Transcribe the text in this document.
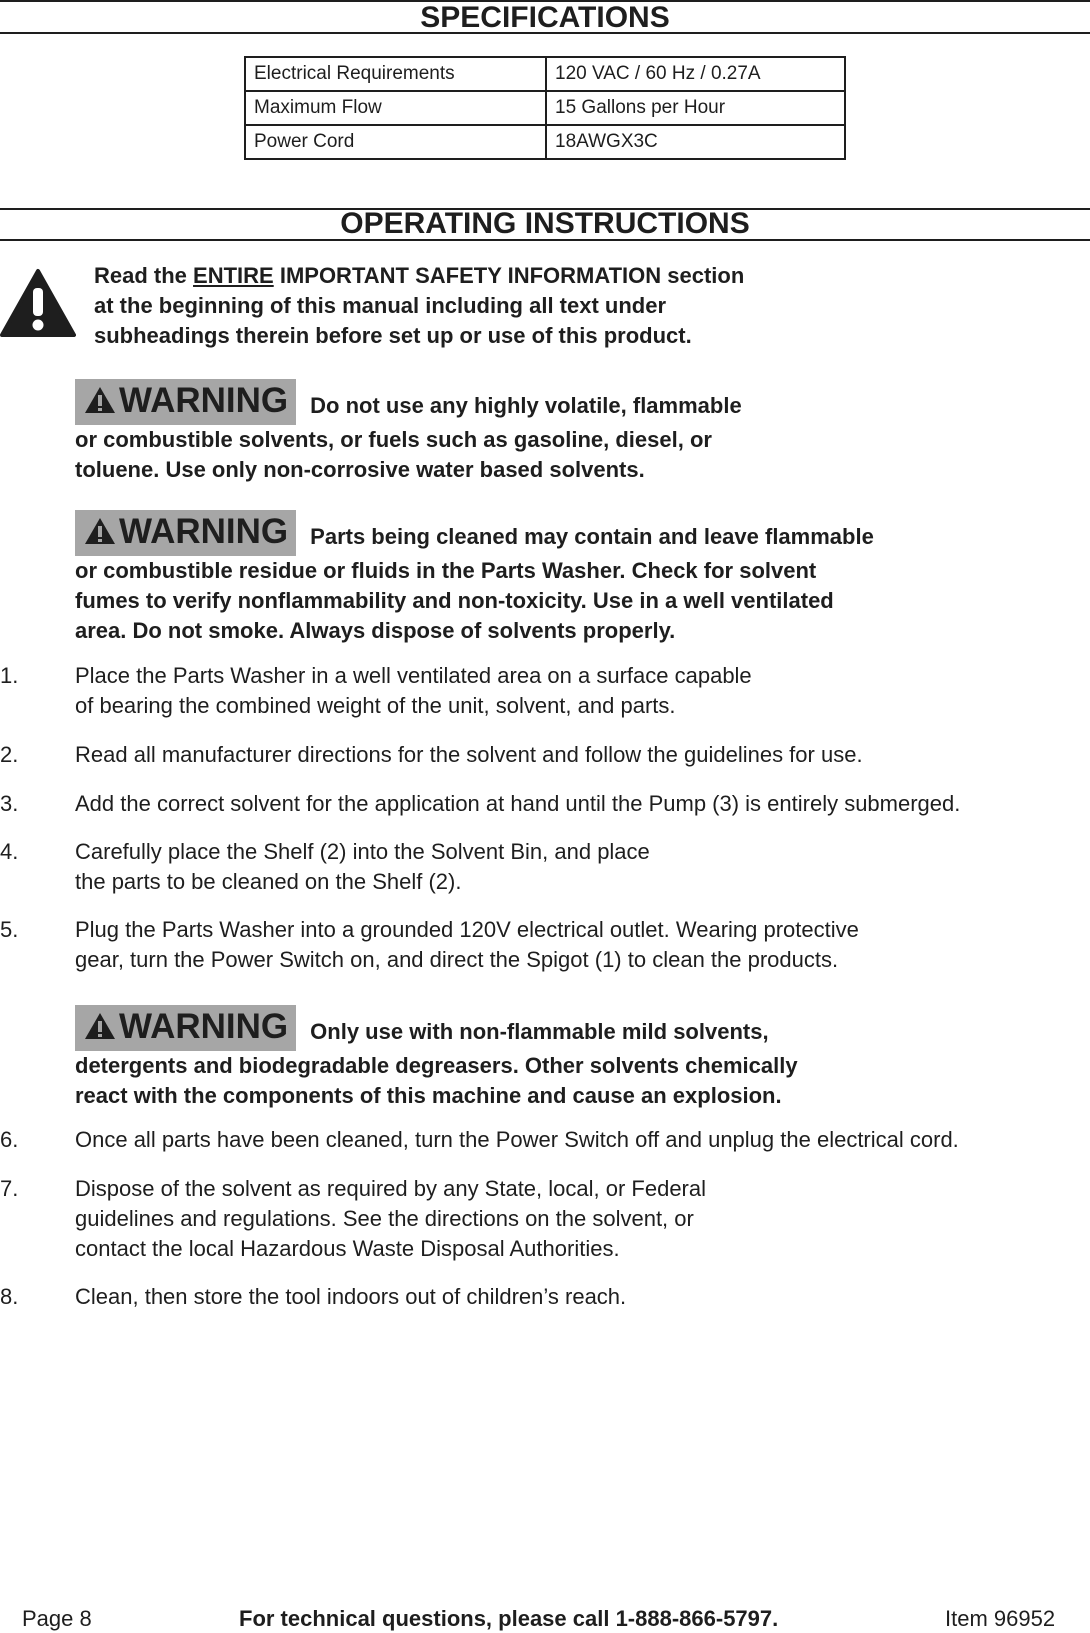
SPECIFICATIONS
Electrical Requirements	120 VAC / 60 Hz / 0.27A
Maximum Flow	15 Gallons per Hour
Power Cord	18AWGX3C
OPERATING INSTRUCTIONS
Read the ENTIRE IMPORTANT SAFETY INFORMATION section
at the beginning of this manual including all text under
subheadings therein before set up or use of this product.
WARNING Do not use any highly volatile, flammable
or combustible solvents, or fuels such as gasoline, diesel, or
toluene. Use only non-corrosive water based solvents.
WARNING Parts being cleaned may contain and leave flammable
or combustible residue or fluids in the Parts Washer. Check for solvent
fumes to verify nonflammability and non-toxicity. Use in a well ventilated
area. Do not smoke. Always dispose of solvents properly.
1.	Place the Parts Washer in a well ventilated area on a surface capable
of bearing the combined weight of the unit, solvent, and parts.
2.	Read all manufacturer directions for the solvent and follow the guidelines for use.
3.	Add the correct solvent for the application at hand until the Pump (3) is entirely submerged.
4.	Carefully place the Shelf (2) into the Solvent Bin, and place
the parts to be cleaned on the Shelf (2).
5.	Plug the Parts Washer into a grounded 120V electrical outlet. Wearing protective
gear, turn the Power Switch on, and direct the Spigot (1) to clean the products.
WARNING Only use with non-flammable mild solvents,
detergents and biodegradable degreasers. Other solvents chemically
react with the components of this machine and cause an explosion.
6.	Once all parts have been cleaned, turn the Power Switch off and unplug the electrical cord.
7.	Dispose of the solvent as required by any State, local, or Federal
guidelines and regulations. See the directions on the solvent, or
contact the local Hazardous Waste Disposal Authorities.
8.	Clean, then store the tool indoors out of children’s reach.
Page 8	For technical questions, please call 1-888-866-5797.	Item 96952
